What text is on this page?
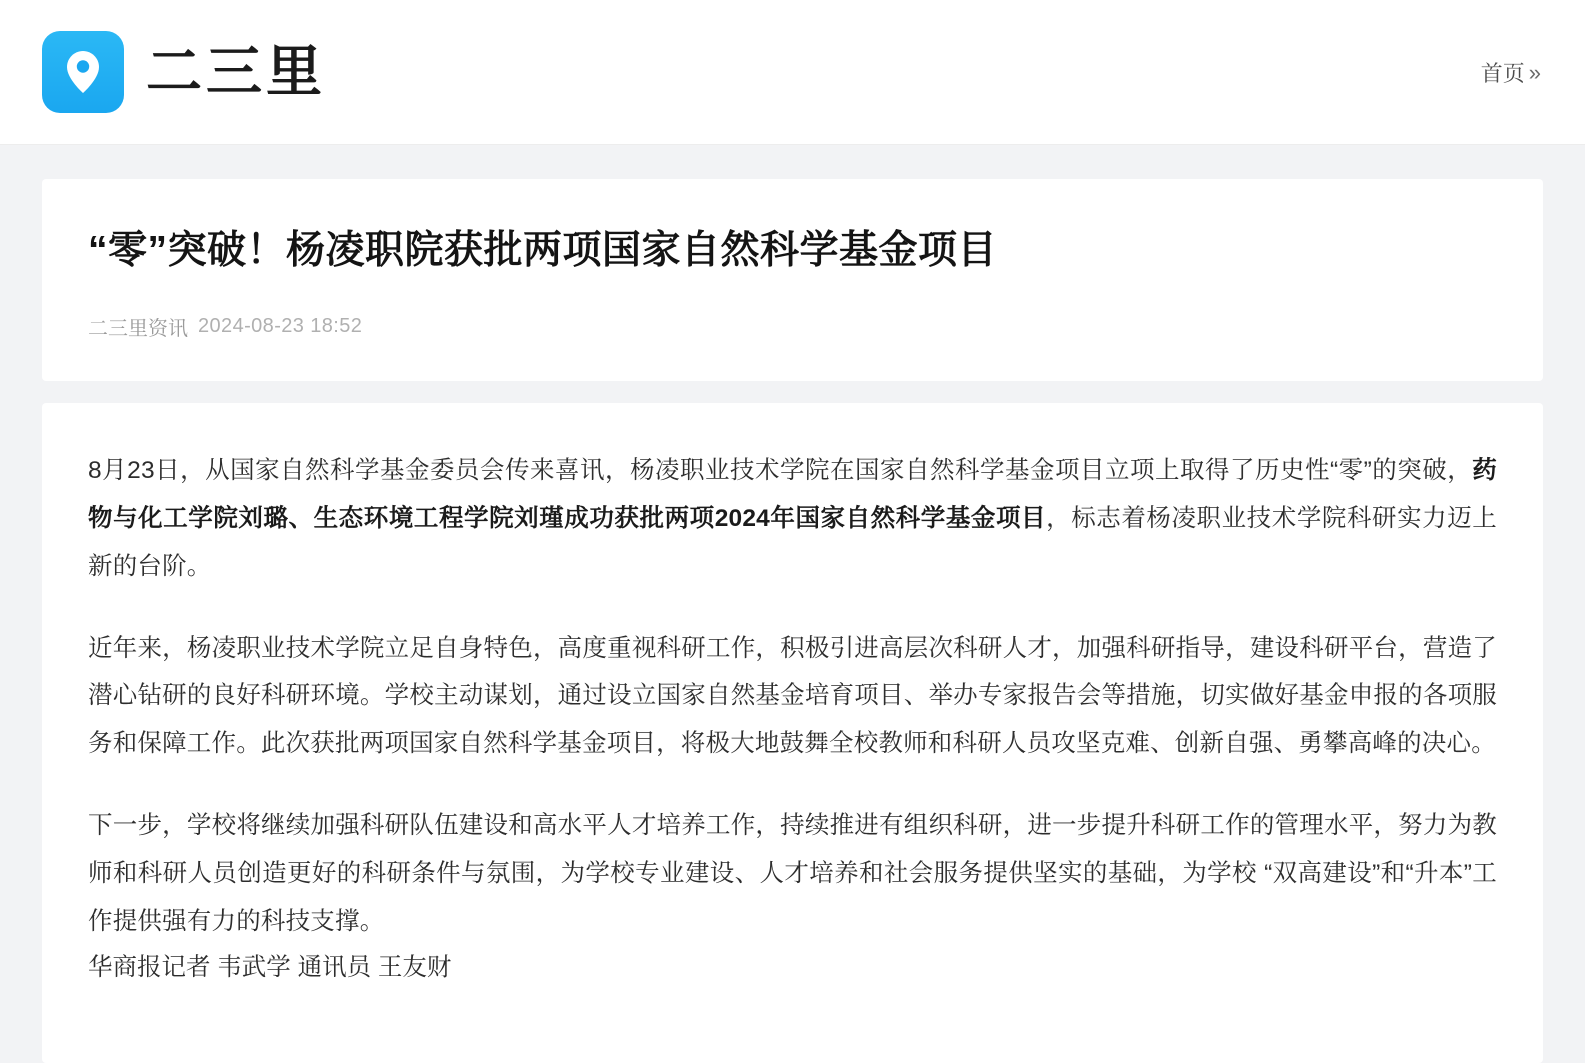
二三里	首页 »
“零”突破！杨凌职院获批两项国家自然科学基金项目
二三里资讯 2024-08-23 18:52

8月23日，从国家自然科学基金委员会传来喜讯，杨凌职业技术学院在国家自然科学基金项目立项上取得了历史性“零”的突破，药物与化工学院刘璐、生态环境工程学院刘瑾成功获批两项2024年国家自然科学基金项目，标志着杨凌职业技术学院科研实力迈上新的台阶。

近年来，杨凌职业技术学院立足自身特色，高度重视科研工作，积极引进高层次科研人才，加强科研指导，建设科研平台，营造了潜心钻研的良好科研环境。学校主动谋划，通过设立国家自然基金培育项目、举办专家报告会等措施，切实做好基金申报的各项服务和保障工作。此次获批两项国家自然科学基金项目，将极大地鼓舞全校教师和科研人员攻坚克难、创新自强、勇攀高峰的决心。

下一步，学校将继续加强科研队伍建设和高水平人才培养工作，持续推进有组织科研，进一步提升科研工作的管理水平，努力为教师和科研人员创造更好的科研条件与氛围，为学校专业建设、人才培养和社会服务提供坚实的基础，为学校 “双高建设”和“升本”工作提供强有力的科技支撑。

华商报记者 韦武学 通讯员 王友财
